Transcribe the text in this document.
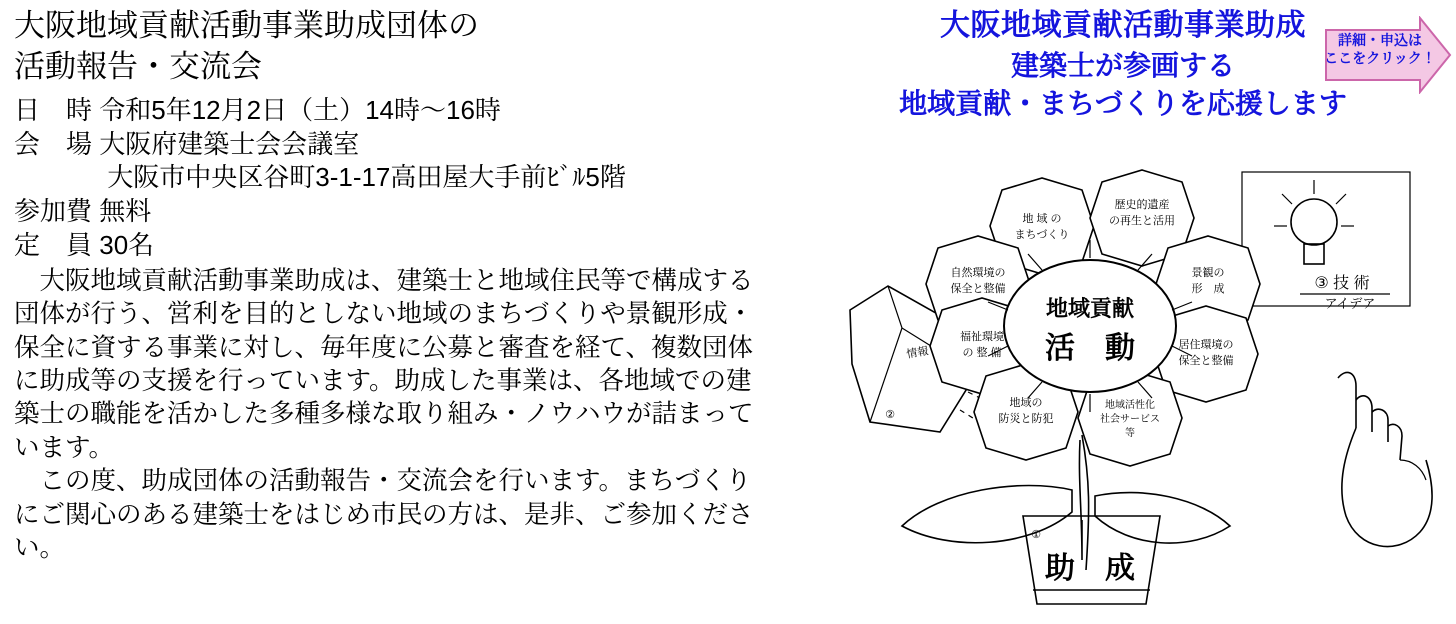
大阪地域貢献活動事業助成団体の
活動報告・交流会
日　時 令和5年12月2日（土）14時〜16時
会　場 大阪府建築士会会議室
大阪市中央区谷町3-1-17高田屋大手前ﾋﾞﾙ5階
参加費 無料
定　員 30名

　大阪地域貢献活動事業助成は、建築士と地域住民等で構成する団体が行う、営利を目的としない地域のまちづくりや景観形成・保全に資する事業に対し、毎年度に公募と審査を経て、複数団体に助成等の支援を行っています。助成した事業は、各地域での建築士の職能を活かした多種多様な取り組み・ノウハウが詰まっています。

　この度、助成団体の活動報告・交流会を行います。まちづくりにご関心のある建築士をはじめ市民の方は、是非、ご参加ください。

大阪地域貢献活動事業助成
建築士が参画する
地域貢献・まちづくりを応援します
詳細・申込は
ここをクリック！
①
助　成
情報
②
③ 技 術
アイデア
地 域 の
まちづくり
歴史的遺産
の再生と活用
自然環境の
保全と整備
景観の
形　成
福祉環境
の 整 備
居住環境の
保全と整備
地域の
防災と防犯
地域活性化
社会サービス
等
地域貢献
活　動
